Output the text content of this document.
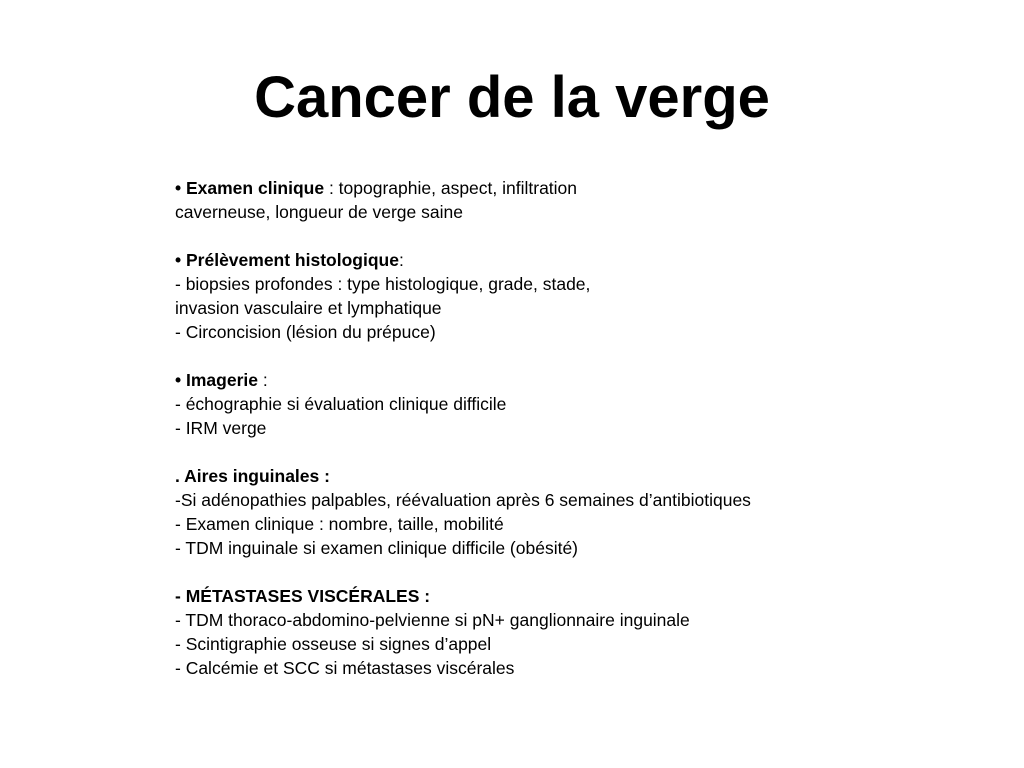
Cancer de la verge
• Examen clinique : topographie, aspect, infiltration
caverneuse, longueur de verge saine
• Prélèvement histologique:
- biopsies profondes : type histologique, grade, stade,
invasion vasculaire et lymphatique
- Circoncision (lésion du prépuce)
• Imagerie :
- échographie si évaluation clinique difficile
- IRM verge
. Aires inguinales :
-Si adénopathies palpables, réévaluation après 6 semaines d’antibiotiques
- Examen clinique : nombre, taille, mobilité
- TDM inguinale si examen clinique difficile (obésité)
- MÉTASTASES VISCÉRALES :
- TDM thoraco-abdomino-pelvienne si pN+ ganglionnaire inguinale
- Scintigraphie osseuse si signes d’appel
- Calcémie et SCC si métastases viscérales
